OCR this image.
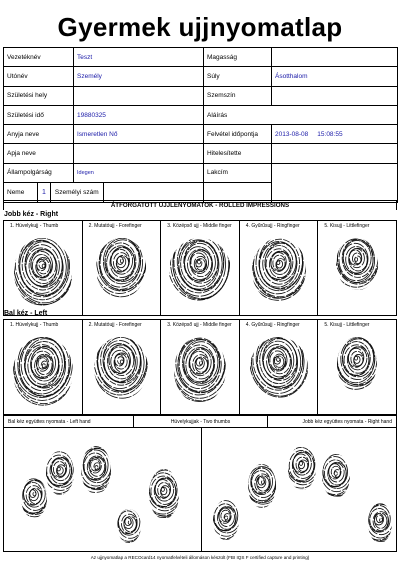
Gyermek ujjnyomatlap
Vezetéknév	Teszt	Magasság	
Utónév	Személy	Súly	Ásotthalom
Születési hely		Szemszín	
Születési idő	19880325	Aláírás	
Anyja neve	Ismeretlen Nő	Felvétel időpontja	2013-08-08 15:08:55
Apja neve		Hitelesítette	
Állampolgárság	Idegen	Lakcím	

Neme 1 Személyi szám			

ÁTFORGATOTT UJJLENYOMATOK - ROLLED IMPRESSIONS
Jobb kéz - Right
1. Hüvelykujj - Thumb	2. Mutatóujj - Forefinger	3. Középső ujj - Middle finger	4. Gyűrűsujj - Ringfinger	5. Kisujj - Littlefinger
Bal kéz - Left
1. Hüvelykujj - Thumb	2. Mutatóujj - Forefinger	3. Középső ujj - Middle finger	4. Gyűrűsujj - Ringfinger	5. Kisujj - Littlefinger
Bal kéz együttes nyomata - Left hand	Hüvelykujjak - Two thumbs	Jobb kéz együttes nyomata - Right hand
Az ujjnyomatlap a RECOcard14 nyomatfelvételi állomáson készült (FBI IQS F certified capture and printing)
